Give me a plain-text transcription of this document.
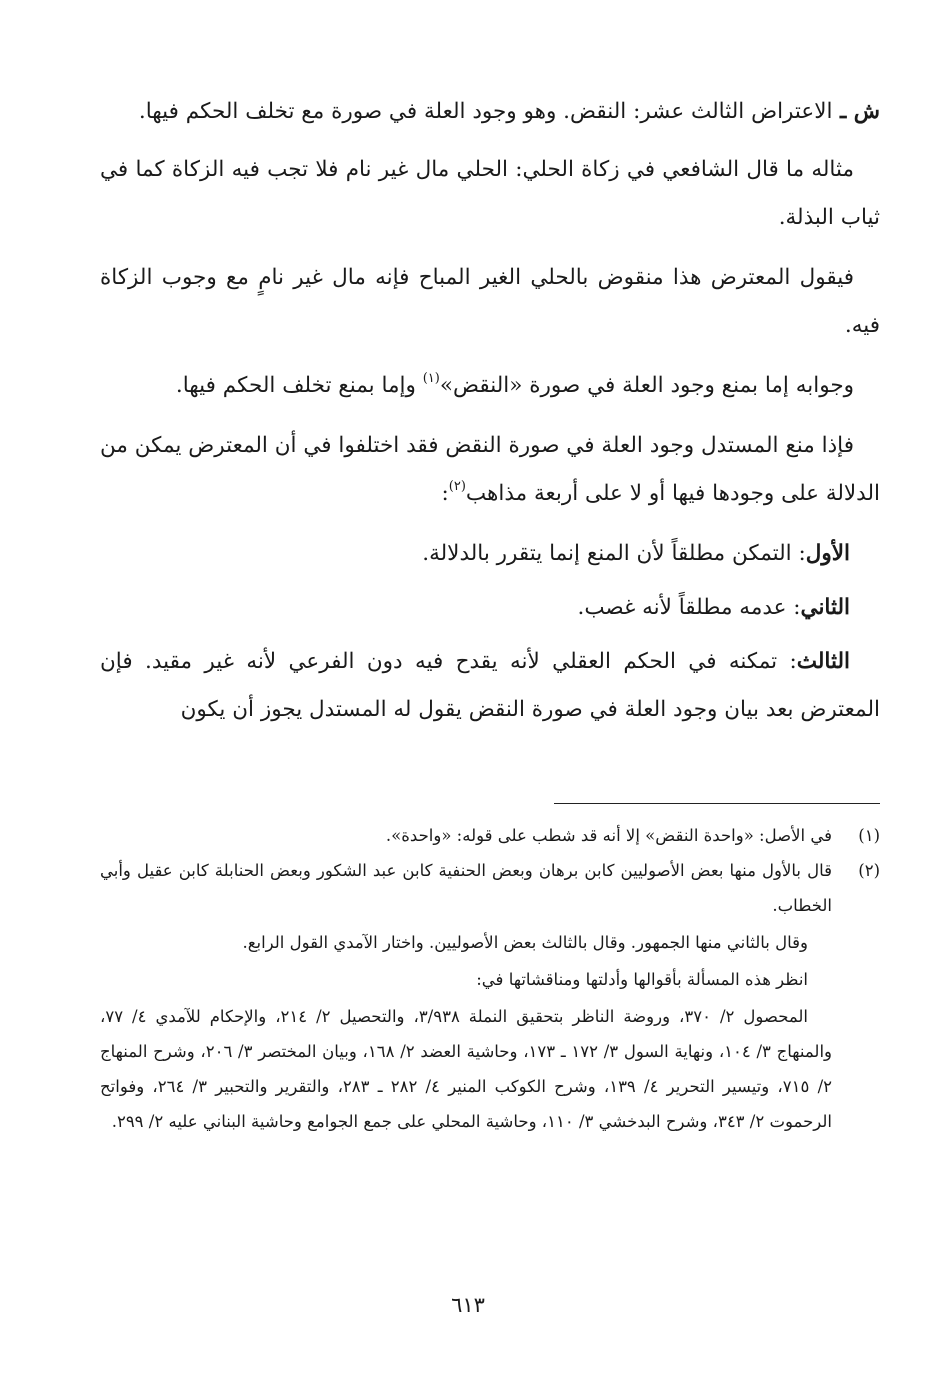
ش ـ الاعتراض الثالث عشر: النقض. وهو وجود العلة في صورة مع تخلف الحكم فيها.

مثاله ما قال الشافعي في زكاة الحلي: الحلي مال غير نام فلا تجب فيه الزكاة كما في ثياب البذلة.

فيقول المعترض هذا منقوض بالحلي الغير المباح فإنه مال غير نامٍ مع وجوب الزكاة فيه.

وجوابه إما بمنع وجود العلة في صورة «النقض»$^{(١)}$ وإما بمنع تخلف الحكم فيها.

فإذا منع المستدل وجود العلة في صورة النقض فقد اختلفوا في أن المعترض يمكن من الدلالة على وجودها فيها أو لا على أربعة مذاهب$^{(٢)}$:

الأول: التمكن مطلقاً لأن المنع إنما يتقرر بالدلالة.

الثاني: عدمه مطلقاً لأنه غصب.

الثالث: تمكنه في الحكم العقلي لأنه يقدح فيه دون الفرعي لأنه غير مقيد. فإن المعترض بعد بيان وجود العلة في صورة النقض يقول له المستدل يجوز أن يكون

(١)

في الأصل: «واحدة النقض» إلا أنه قد شطب على قوله: «واحدة».

(٢)

قال بالأول منها بعض الأصوليين كابن برهان وبعض الحنفية كابن عبد الشكور وبعض الحنابلة كابن عقيل وأبي الخطاب.

وقال بالثاني منها الجمهور. وقال بالثالث بعض الأصوليين. واختار الآمدي القول الرابع.

انظر هذه المسألة بأقوالها وأدلتها ومناقشاتها في:

المحصول ٢/ ٣٧٠، وروضة الناظر بتحقيق النملة ٣/٩٣٨، والتحصيل ٢/ ٢١٤، والإحكام للآمدي ٤/ ٧٧، والمنهاج ٣/ ١٠٤، ونهاية السول ٣/ ١٧٢ ـ ١٧٣، وحاشية العضد ٢/ ١٦٨، وبيان المختصر ٣/ ٢٠٦، وشرح المنهاج ٢/ ٧١٥، وتيسير التحرير ٤/ ١٣٩، وشرح الكوكب المنير ٤/ ٢٨٢ ـ ٢٨٣، والتقرير والتحبير ٣/ ٢٦٤، وفواتح الرحموت ٢/ ٣٤٣، وشرح البدخشي ٣/ ١١٠، وحاشية المحلي على جمع الجوامع وحاشية البناني عليه ٢/ ٢٩٩.

٦١٣
